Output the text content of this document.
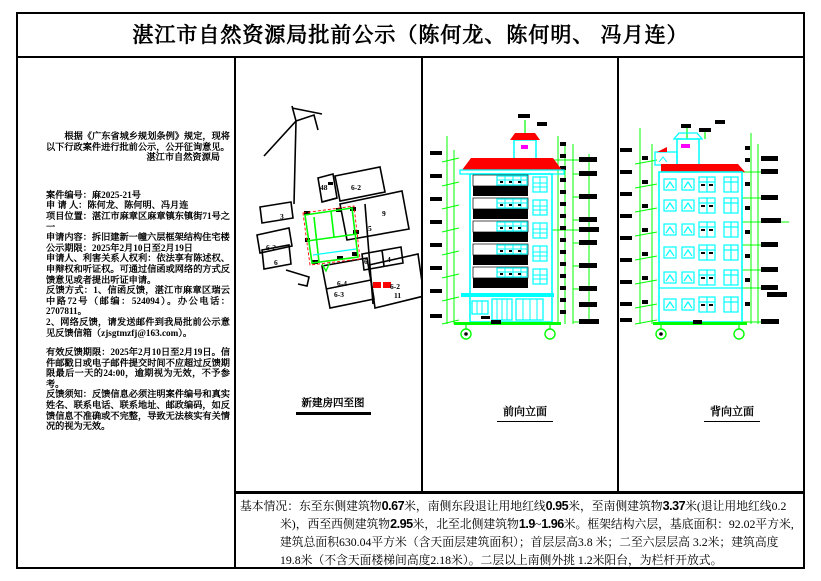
湛江市自然资源局批前公示（陈何龙、陈何明、 冯月连）

　　根据《广东省城乡规划条例》规定，现将以下行政案件进行批前公示，公开征询意见。

湛江市自然资源局

案件编号：麻2025-21号

申 请 人：陈何龙、陈何明、冯月连

项目位置：湛江市麻章区麻章镇东镇街71号之一

申请内容：拆旧建新一幢六层框架结构住宅楼

公示期限：2025年2月10日至2月19日

申请人、利害关系人权利：依法享有陈述权、申辩权和听证权。可通过信函或网络的方式反馈意见或者提出听证申请。

反馈方式：1、信函反馈，湛江市麻章区瑞云中路72号（邮编：524094）。办公电话：2707811。

2、网络反馈，请发送邮件到我局批前公示意见反馈信箱（zjsgtmzfj@163.com）。

有效反馈期限：2025年2月10日至2月19日。信件邮戳日或电子邮件提交时间不应超过反馈期限最后一天的24:00，逾期视为无效，不予参考。

反馈须知：反馈信息必须注明案件编号和真实姓名、联系电话、联系地址、邮政编码，如反馈信息不准确或不完整，导致无法核实有关情况的视为无效。

3
6-2
6
48	6-2
9
5
6	4
6-4
6-3
6-2
11
新建房四至图
前向立面	背向立面

基本情况：东至东侧建筑物0.67米，南侧东段退让用地红线0.95米，至南侧建筑物3.37米(退让用地红线0.2米)，西至西侧建筑物2.95米，北至北侧建筑物1.9~1.96米。框架结构六层，基底面积：92.02平方米,建筑总面积630.04平方米（含天面层建筑面积）；首层层高3.8 米；二至六层层高 3.2米；建筑高度19.8米（不含天面楼梯间高度2.18米）。二层以上南侧外挑 1.2米阳台，为栏杆开放式。
